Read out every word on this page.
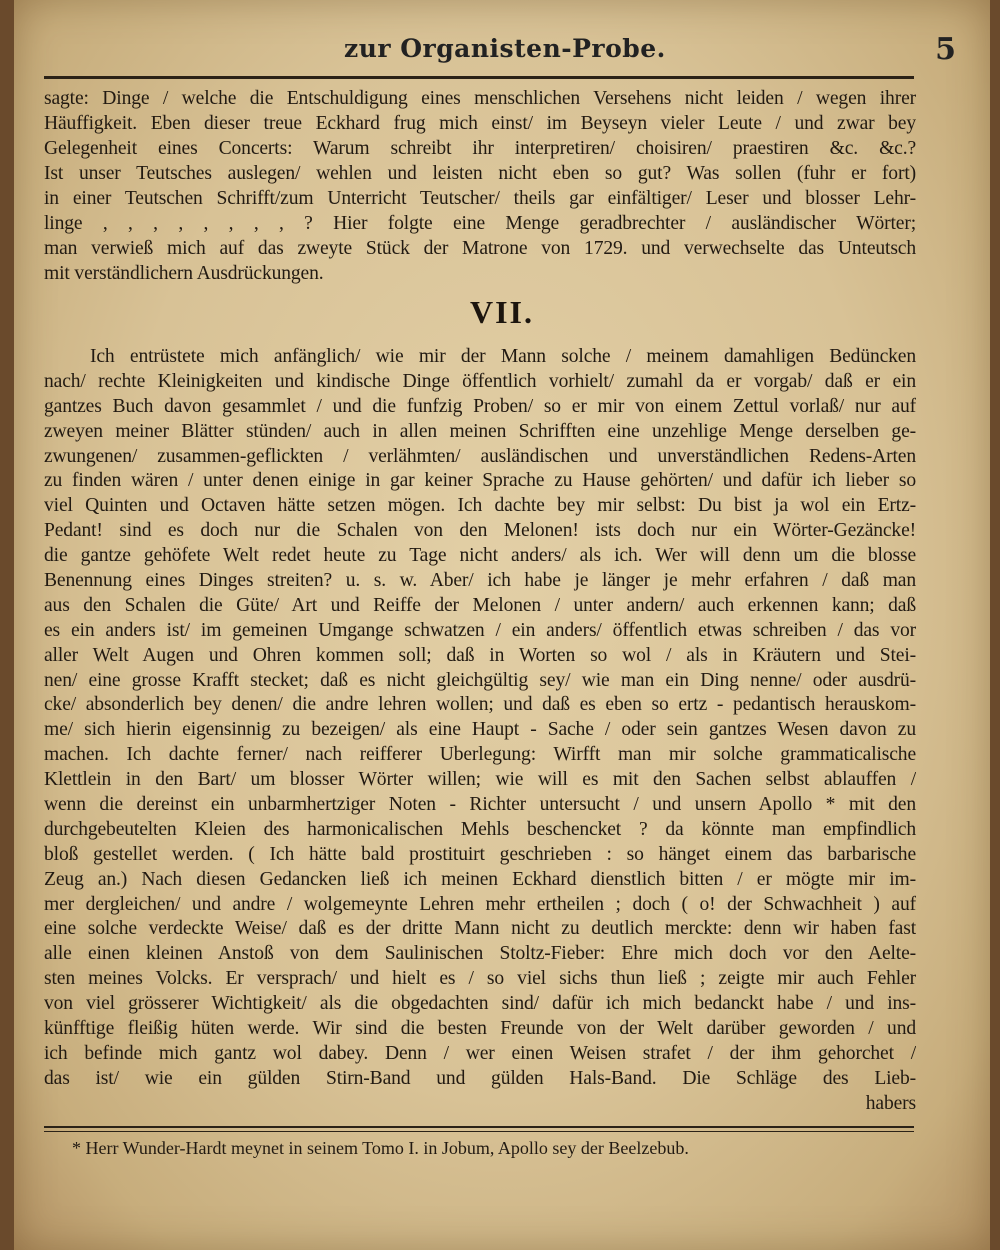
zur Organisten-Probe.	5
sagte: Dinge / welche die Entschuldigung eines menschlichen Versehens nicht leiden / wegen ihrer
Häuffigkeit. Eben dieser treue Eckhard frug mich einst/ im Beyseyn vieler Leute / und zwar bey
Gelegenheit eines Concerts: Warum schreibt ihr interpretiren/ choisiren/ praestiren &c. &c.?
Ist unser Teutsches auslegen/ wehlen und leisten nicht eben so gut? Was sollen (fuhr er fort)
in einer Teutschen Schrifft/zum Unterricht Teutscher/ theils gar einfältiger/ Leser und blosser Lehr-
linge , , , , , , , , ? Hier folgte eine Menge geradbrechter / ausländischer Wörter;
man verwieß mich auf das zweyte Stück der Matrone von 1729. und verwechselte das Unteutsch
mit verständlichern Ausdrückungen.
VII.
Ich entrüstete mich anfänglich/ wie mir der Mann solche / meinem damahligen Bedüncken
nach/ rechte Kleinigkeiten und kindische Dinge öffentlich vorhielt/ zumahl da er vorgab/ daß er ein
gantzes Buch davon gesammlet / und die funfzig Proben/ so er mir von einem Zettul vorlaß/ nur auf
zweyen meiner Blätter stünden/ auch in allen meinen Schrifften eine unzehlige Menge derselben ge-
zwungenen/ zusammen-geflickten / verlähmten/ ausländischen und unverständlichen Redens-Arten
zu finden wären / unter denen einige in gar keiner Sprache zu Hause gehörten/ und dafür ich lieber so
viel Quinten und Octaven hätte setzen mögen. Ich dachte bey mir selbst: Du bist ja wol ein Ertz-
Pedant! sind es doch nur die Schalen von den Melonen! ists doch nur ein Wörter-Gezäncke!
die gantze gehöfete Welt redet heute zu Tage nicht anders/ als ich. Wer will denn um die blosse
Benennung eines Dinges streiten? u. s. w. Aber/ ich habe je länger je mehr erfahren / daß man
aus den Schalen die Güte/ Art und Reiffe der Melonen / unter andern/ auch erkennen kann; daß
es ein anders ist/ im gemeinen Umgange schwatzen / ein anders/ öffentlich etwas schreiben / das vor
aller Welt Augen und Ohren kommen soll; daß in Worten so wol / als in Kräutern und Stei-
nen/ eine grosse Krafft stecket; daß es nicht gleichgültig sey/ wie man ein Ding nenne/ oder ausdrü-
cke/ absonderlich bey denen/ die andre lehren wollen; und daß es eben so ertz - pedantisch herauskom-
me/ sich hierin eigensinnig zu bezeigen/ als eine Haupt - Sache / oder sein gantzes Wesen davon zu
machen. Ich dachte ferner/ nach reifferer Uberlegung: Wirfft man mir solche grammaticalische
Klettlein in den Bart/ um blosser Wörter willen; wie will es mit den Sachen selbst ablauffen /
wenn die dereinst ein unbarmhertziger Noten - Richter untersucht / und unsern Apollo * mit den
durchgebeutelten Kleien des harmonicalischen Mehls beschencket ? da könnte man empfindlich
bloß gestellet werden. ( Ich hätte bald prostituirt geschrieben : so hänget einem das barbarische
Zeug an.) Nach diesen Gedancken ließ ich meinen Eckhard dienstlich bitten / er mögte mir im-
mer dergleichen/ und andre / wolgemeynte Lehren mehr ertheilen ; doch ( o! der Schwachheit ) auf
eine solche verdeckte Weise/ daß es der dritte Mann nicht zu deutlich merckte: denn wir haben fast
alle einen kleinen Anstoß von dem Saulinischen Stoltz-Fieber: Ehre mich doch vor den Aelte-
sten meines Volcks. Er versprach/ und hielt es / so viel sichs thun ließ ; zeigte mir auch Fehler
von viel grösserer Wichtigkeit/ als die obgedachten sind/ dafür ich mich bedanckt habe / und ins-
künfftige fleißig hüten werde. Wir sind die besten Freunde von der Welt darüber geworden / und
ich befinde mich gantz wol dabey. Denn / wer einen Weisen strafet / der ihm gehorchet /
das ist/ wie ein gülden Stirn-Band und gülden Hals-Band. Die Schläge des Lieb-
habers
* Herr Wunder-Hardt meynet in seinem Tomo I. in Jobum, Apollo sey der Beelzebub.
